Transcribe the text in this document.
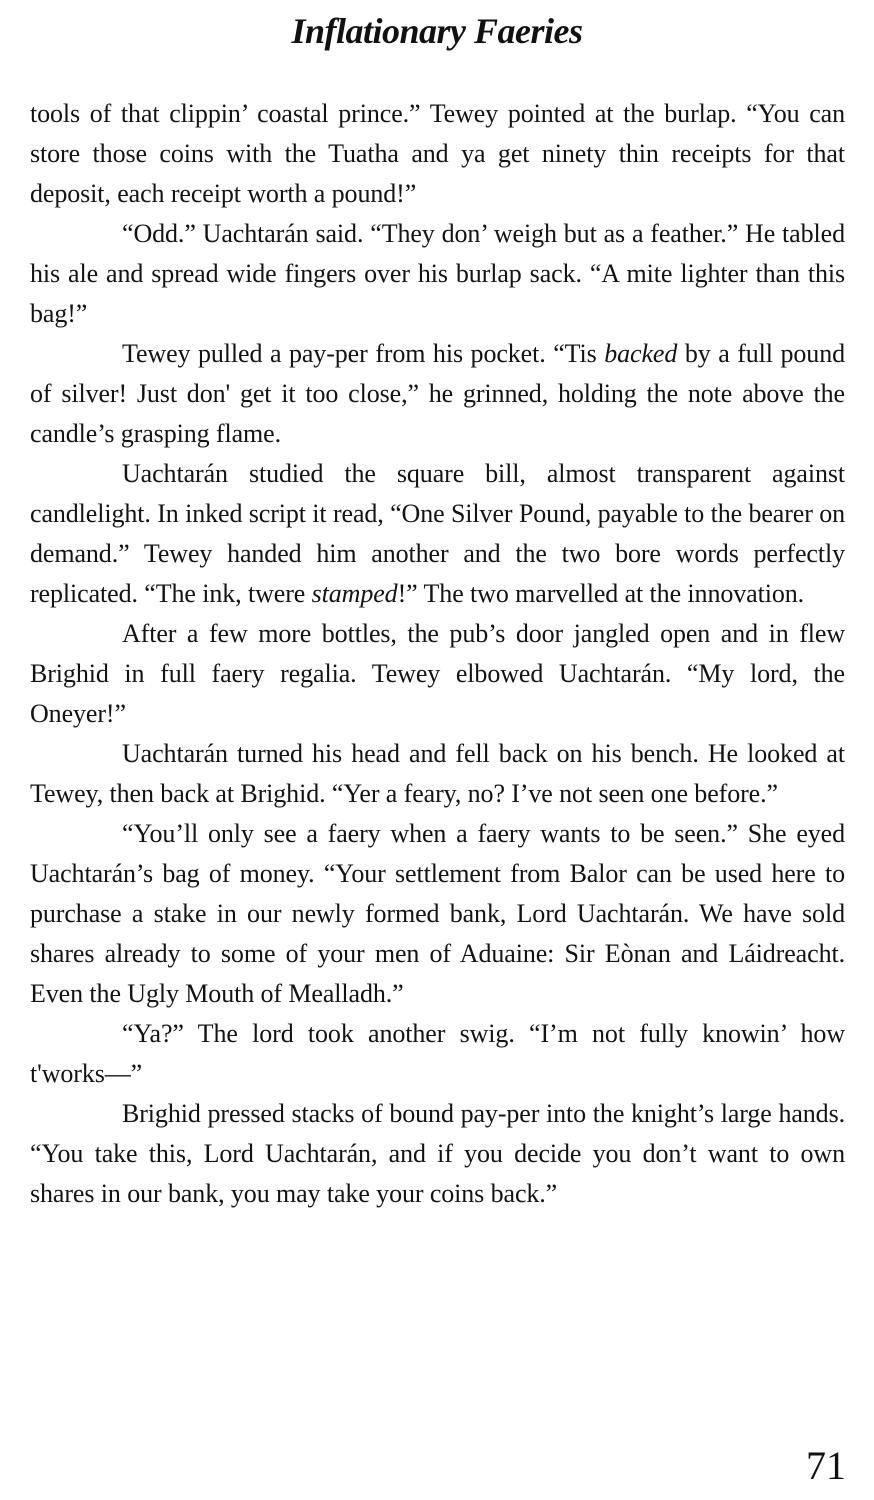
Inflationary Faeries

tools of that clippin’ coastal prince.” Tewey pointed at the burlap. “You can store those coins with the Tuatha and ya get ninety thin receipts for that deposit, each receipt worth a pound!”

“Odd.” Uachtarán said. “They don’ weigh but as a feather.” He tabled his ale and spread wide fingers over his burlap sack. “A mite lighter than this bag!”

Tewey pulled a pay-per from his pocket. “Tis backed by a full pound of silver! Just don' get it too close,” he grinned, holding the note above the candle’s grasping flame.

Uachtarán studied the square bill, almost transparent against candlelight. In inked script it read, “One Silver Pound, payable to the bearer on demand.” Tewey handed him another and the two bore words perfectly replicated. “The ink, twere stamped!” The two marvelled at the innovation.

After a few more bottles, the pub’s door jangled open and in flew Brighid in full faery regalia. Tewey elbowed Uachtarán. “My lord, the Oneyer!”

Uachtarán turned his head and fell back on his bench. He looked at Tewey, then back at Brighid. “Yer a feary, no? I’ve not seen one before.”

“You’ll only see a faery when a faery wants to be seen.” She eyed Uachtarán’s bag of money. “Your settlement from Balor can be used here to purchase a stake in our newly formed bank, Lord Uachtarán. We have sold shares already to some of your men of Aduaine: Sir Eònan and Láidreacht. Even the Ugly Mouth of Mealladh.”

“Ya?” The lord took another swig. “I’m not fully knowin’ how t'works—”

Brighid pressed stacks of bound pay-per into the knight’s large hands. “You take this, Lord Uachtarán, and if you decide you don’t want to own shares in our bank, you may take your coins back.”

71
